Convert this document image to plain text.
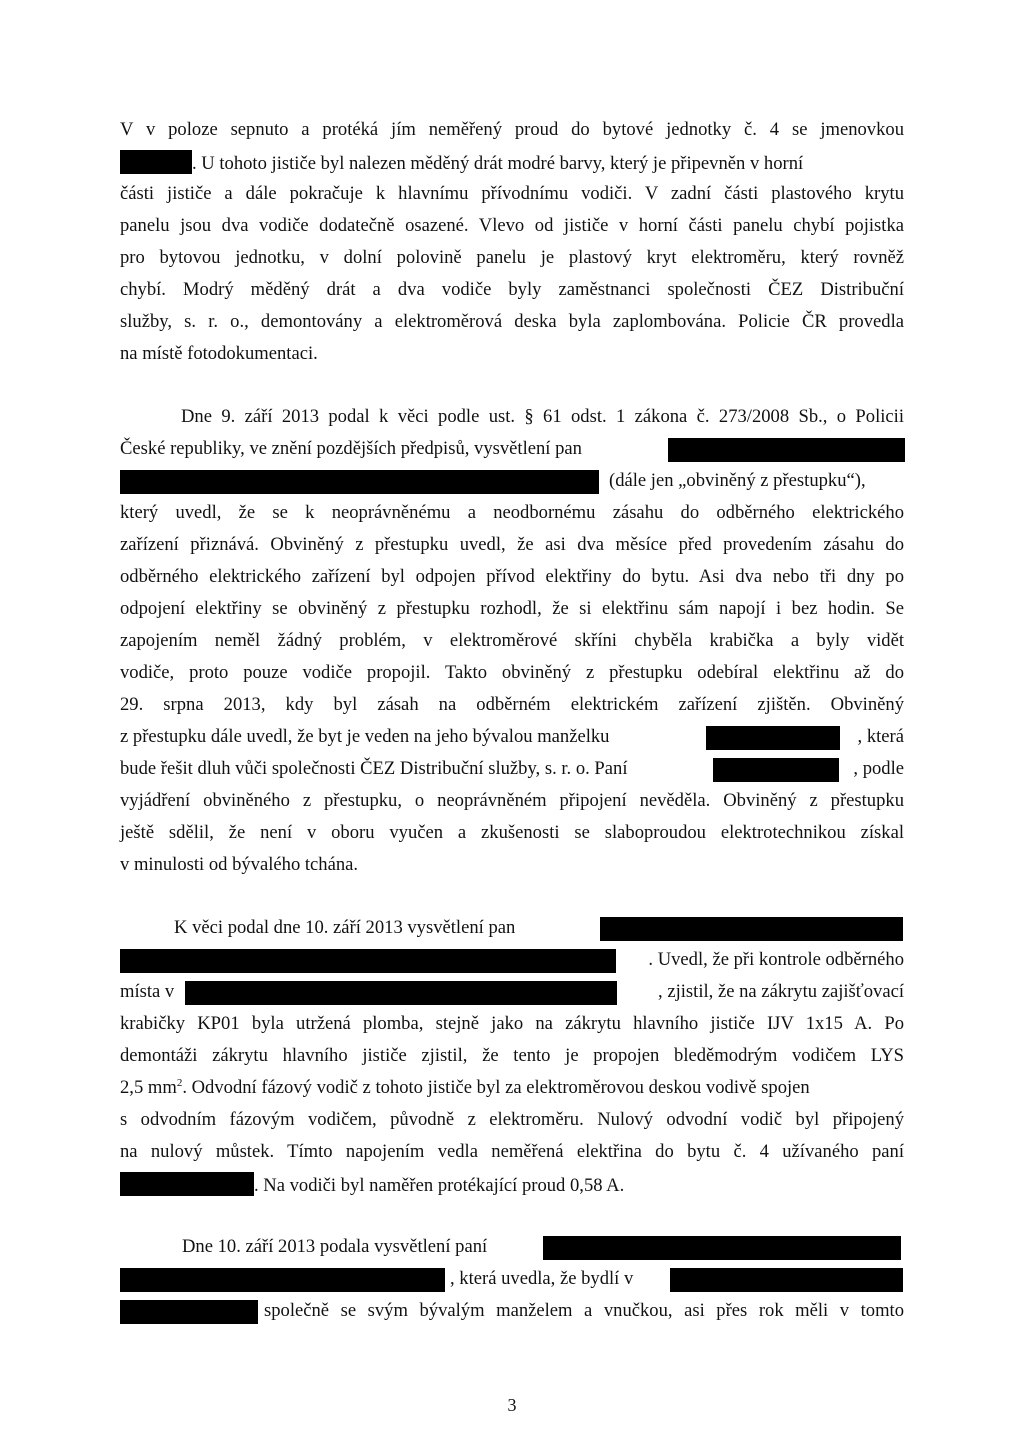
V v poloze sepnuto a protéká jím neměřený proud do bytové jednotky č. 4 se jmenovkou
. U tohoto jističe byl nalezen měděný drát modré barvy, který je připevněn v horní
části jističe a dále pokračuje k hlavnímu přívodnímu vodiči. V zadní části plastového krytu
panelu jsou dva vodiče dodatečně osazené. Vlevo od jističe v horní části panelu chybí pojistka
pro bytovou jednotku, v dolní polovině panelu je plastový kryt elektroměru, který rovněž
chybí. Modrý měděný drát a dva vodiče byly zaměstnanci společnosti ČEZ Distribuční
služby, s. r. o., demontovány a elektroměrová deska byla zaplombována. Policie ČR provedla
na místě fotodokumentaci.
Dne 9. září 2013 podal k věci podle ust. § 61 odst. 1 zákona č. 273/2008 Sb., o Policii
České republiky, ve znění pozdějších předpisů, vysvětlení pan
(dále jen „obviněný z přestupku“),
který uvedl, že se k neoprávněnému a neodbornému zásahu do odběrného elektrického
zařízení přiznává. Obviněný z přestupku uvedl, že asi dva měsíce před provedením zásahu do
odběrného elektrického zařízení byl odpojen přívod elektřiny do bytu. Asi dva nebo tři dny po
odpojení elektřiny se obviněný z přestupku rozhodl, že si elektřinu sám napojí i bez hodin. Se
zapojením neměl žádný problém, v elektroměrové skříni chyběla krabička a byly vidět
vodiče, proto pouze vodiče propojil. Takto obviněný z přestupku odebíral elektřinu až do
29. srpna 2013, kdy byl zásah na odběrném elektrickém zařízení zjištěn. Obviněný
z přestupku dále uvedl, že byt je veden na jeho bývalou manželku	, která
bude řešit dluh vůči společnosti ČEZ Distribuční služby, s. r. o. Paní	, podle
vyjádření obviněného z přestupku, o neoprávněném připojení nevěděla. Obviněný z přestupku
ještě sdělil, že není v oboru vyučen a zkušenosti se slaboproudou elektrotechnikou získal
v minulosti od bývalého tchána.
K věci podal dne 10. září 2013 vysvětlení pan
. Uvedl, že při kontrole odběrného
místa v	, zjistil, že na zákrytu zajišťovací
krabičky KP01 byla utržená plomba, stejně jako na zákrytu hlavního jističe IJV 1x15 A. Po
demontáži zákrytu hlavního jističe zjistil, že tento je propojen bleděmodrým vodičem LYS
2,5 $mm^2$. Odvodní fázový vodič z tohoto jističe byl za elektroměrovou deskou vodivě spojen
s odvodním fázovým vodičem, původně z elektroměru. Nulový odvodní vodič byl připojený
na nulový můstek. Tímto napojením vedla neměřená elektřina do bytu č. 4 užívaného paní
. Na vodiči byl naměřen protékající proud 0,58 A.
Dne 10. září 2013 podala vysvětlení paní
, která uvedla, že bydlí v
společně se svým bývalým manželem a vnučkou, asi přes rok měli v tomto
3
